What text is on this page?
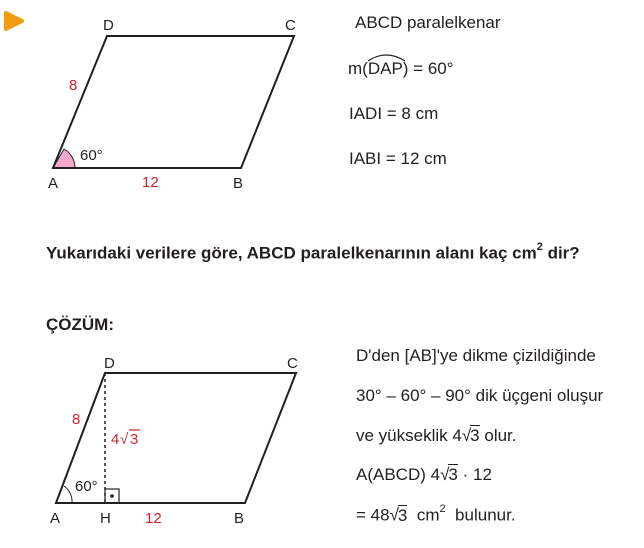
A	B
C
D
8
12
60°
A	H	B
C
D
8
12
60°
4 √ 3
ABCD paralelkenar
m(
DAP) = 60°
IADI = 8 cm
IABI = 12 cm
Yukarıdaki verilere göre, ABCD paralelkenarının alanı kaç $cm^2$ dir?
ÇÖZÜM:
D'den [AB]'ye dikme çizildiğinde
30° – 60° – 90° dik üçgeni oluşur
ve yükseklik 4√3 olur.
A(ABCD) 4√3 · 12
= 48√3  $cm^2$  bulunur.
